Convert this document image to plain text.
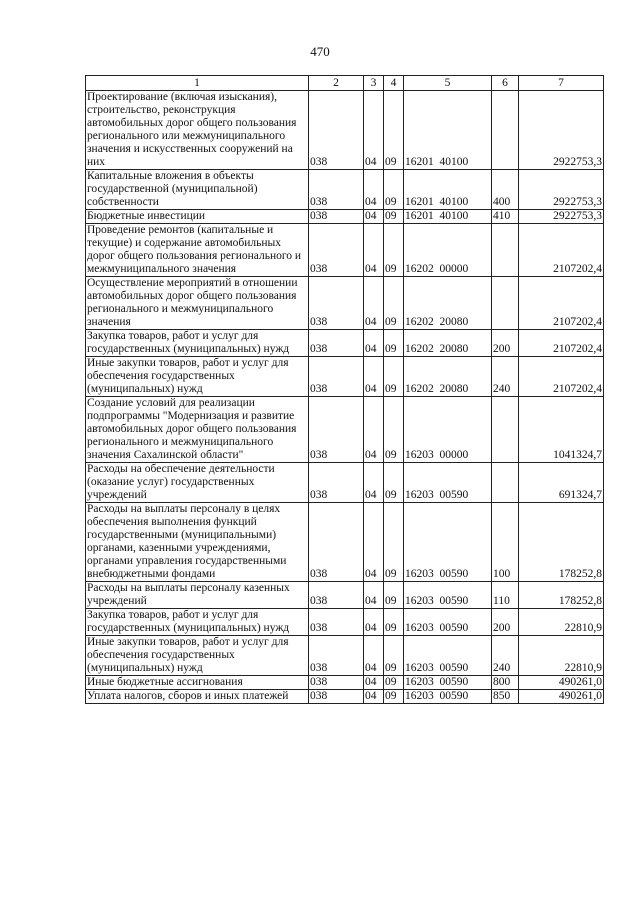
470
1	2	3	4	5	6	7
Проектирование (включая изыскания), строительство, реконструкция автомобильных дорог общего пользования регионального или межмуниципального значения и искусственных сооружений на них	038	04	09	16201  40100		2922753,3
Капитальные вложения в объекты государственной (муниципальной) собственности	038	04	09	16201  40100	400	2922753,3
Бюджетные инвестиции	038	04	09	16201  40100	410	2922753,3
Проведение ремонтов (капитальные и текущие) и содержание автомобильных дорог общего пользования регионального и межмуниципального значения	038	04	09	16202  00000		2107202,4
Осуществление мероприятий в отношении автомобильных дорог общего пользования регионального и межмуниципального значения	038	04	09	16202  20080		2107202,4
Закупка товаров, работ и услуг для государственных (муниципальных) нужд	038	04	09	16202  20080	200	2107202,4
Иные закупки товаров, работ и услуг для обеспечения государственных (муниципальных) нужд	038	04	09	16202  20080	240	2107202,4
Создание условий для реализации подпрограммы "Модернизация и развитие автомобильных дорог общего пользования регионального и межмуниципального значения Сахалинской области"	038	04	09	16203  00000		1041324,7
Расходы на обеспечение деятельности (оказание услуг) государственных учреждений	038	04	09	16203  00590		691324,7
Расходы на выплаты персоналу в целях обеспечения выполнения функций государственными (муниципальными) органами, казенными учреждениями, органами управления государственными внебюджетными фондами	038	04	09	16203  00590	100	178252,8
Расходы на выплаты персоналу казенных учреждений	038	04	09	16203  00590	110	178252,8
Закупка товаров, работ и услуг для государственных (муниципальных) нужд	038	04	09	16203  00590	200	22810,9
Иные закупки товаров, работ и услуг для обеспечения государственных (муниципальных) нужд	038	04	09	16203  00590	240	22810,9
Иные бюджетные ассигнования	038	04	09	16203  00590	800	490261,0
Уплата налогов, сборов и иных платежей	038	04	09	16203  00590	850	490261,0
